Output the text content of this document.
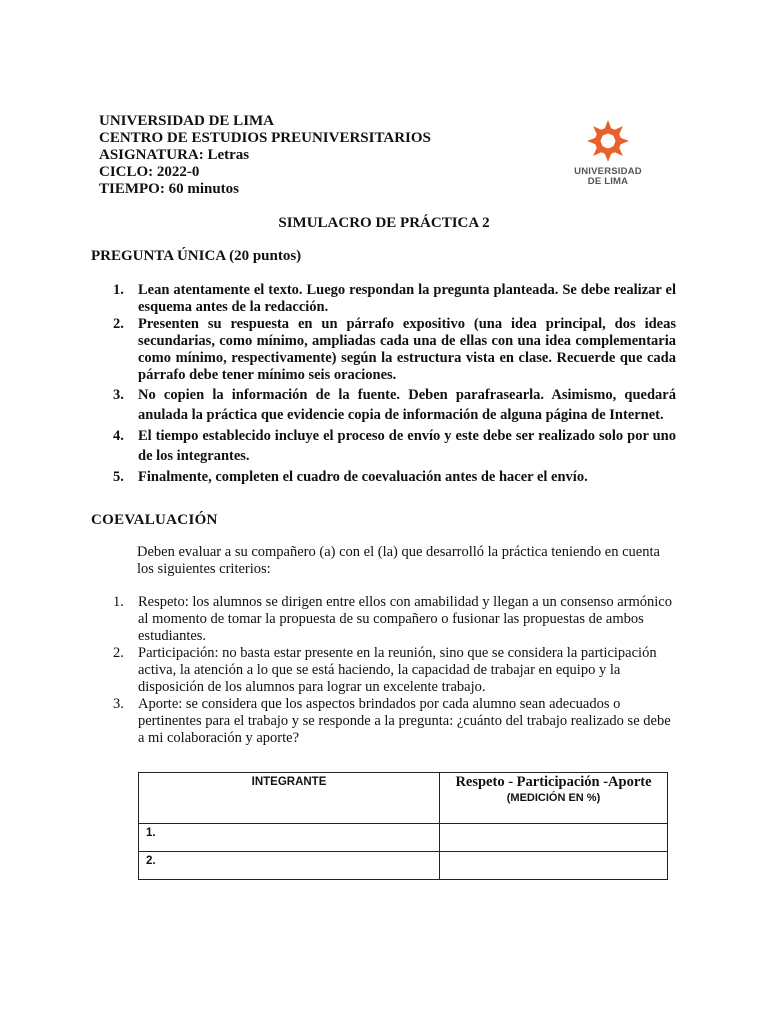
UNIVERSIDAD DE LIMA
CENTRO DE ESTUDIOS PREUNIVERSITARIOS
ASIGNATURA: Letras
CICLO: 2022-0
TIEMPO: 60 minutos
UNIVERSIDAD
DE LIMA
SIMULACRO DE PRÁCTICA 2
PREGUNTA ÚNICA (20 puntos)
1. Lean atentamente el texto. Luego respondan la pregunta planteada. Se debe realizar el esquema antes de la redacción.
2. Presenten su respuesta en un párrafo expositivo (una idea principal, dos ideas secundarias, como mínimo, ampliadas cada una de ellas con una idea complementaria como mínimo, respectivamente) según la estructura vista en clase. Recuerde que cada párrafo debe tener mínimo seis oraciones.
3. No copien la información de la fuente. Deben parafrasearla. Asimismo, quedará anulada la práctica que evidencie copia de información de alguna página de Internet.
4. El tiempo establecido incluye el proceso de envío y este debe ser realizado solo por uno de los integrantes.
5. Finalmente, completen el cuadro de coevaluación antes de hacer el envío.
COEVALUACIÓN
Deben evaluar a su compañero (a) con el (la) que desarrolló la práctica teniendo en cuenta los siguientes criterios:
1. Respeto: los alumnos se dirigen entre ellos con amabilidad y llegan a un consenso armónico al momento de tomar la propuesta de su compañero o fusionar las propuestas de ambos estudiantes.
2. Participación: no basta estar presente en la reunión, sino que se considera la participación activa, la atención a lo que se está haciendo, la capacidad de trabajar en equipo y la disposición de los alumnos para lograr un excelente trabajo.
3. Aporte: se considera que los aspectos brindados por cada alumno sean adecuados o pertinentes para el trabajo y se responde a la pregunta: ¿cuánto del trabajo realizado se debe a mi colaboración y aporte?
INTEGRANTE	Respeto - Participación -Aporte
(MEDICIÓN EN %)

1.	

2.	
